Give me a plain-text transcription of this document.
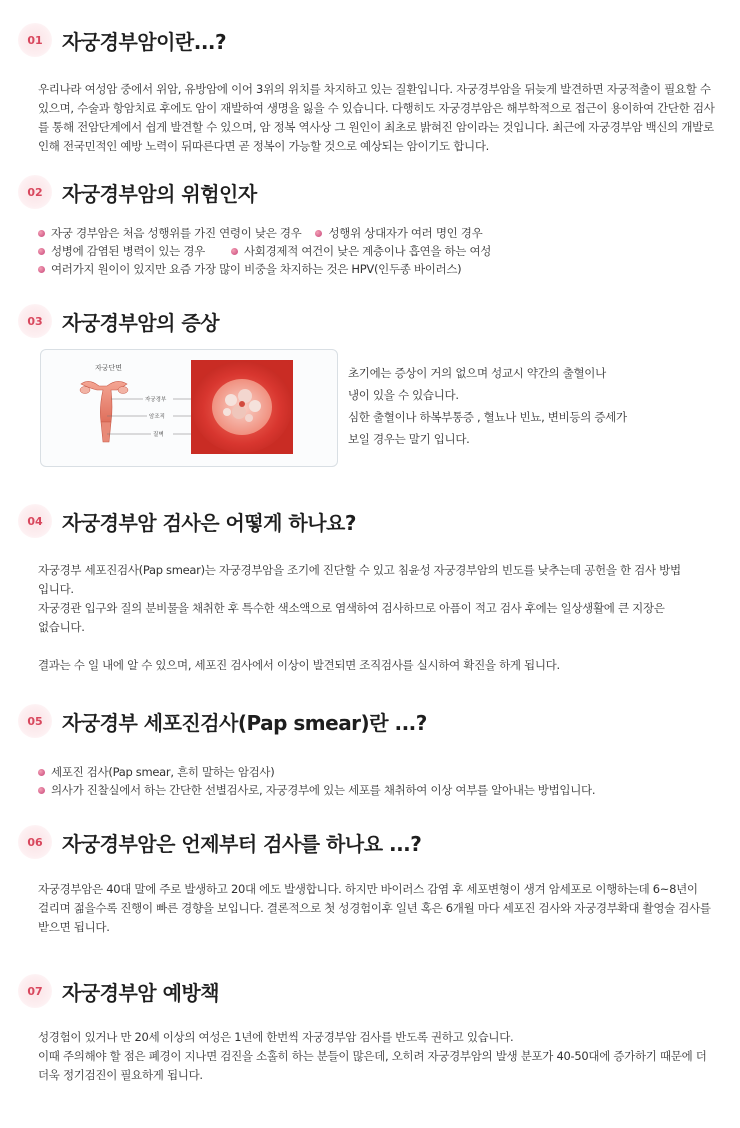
01 자궁경부암이란...?

우리나라 여성암 중에서 위암, 유방암에 이어 3위의 위치를 차지하고 있는 질환입니다. 자궁경부암을 뒤늦게 발견하면 자궁적출이 필요할 수

있으며, 수술과 항암치료 후에도 암이 재발하여 생명을 잃을 수 있습니다. 다행히도 자궁경부암은 해부학적으로 접근이 용이하여 간단한 검사

를 통해 전암단계에서 쉽게 발견할 수 있으며, 암 정복 역사상 그 원인이 최초로 밝혀진 암이라는 것입니다. 최근에 자궁경부암 백신의 개발로

인해 전국민적인 예방 노력이 뒤따른다면 곧 정복이 가능할 것으로 예상되는 암이기도 합니다.

02 자궁경부암의 위험인자
자궁 경부암은 처음 성행위를 가진 연령이 낮은 경우 성행위 상대자가 여러 명인 경우
성병에 감염된 병력이 있는 경우	사회경제적 여건이 낮은 계층이나 흡연을 하는 여성
여러가지 원이이 있지만 요즘 가장 많이 비중을 차지하는 것은 HPV(인두종 바이러스)
03 자궁경부암의 증상
자궁단면
자궁경부
암조직
질벽

초기에는 증상이 거의 없으며 성교시 약간의 출혈이나

냉이 있을 수 있습니다.

심한 출혈이나 하복부통증 , 혈뇨나 빈뇨, 변비등의 증세가

보일 경우는 말기 입니다.

04 자궁경부암 검사은 어떻게 하나요?

자궁경부 세포진검사(Pap smear)는 자궁경부암을 조기에 진단할 수 있고 침윤성 자궁경부암의 빈도를 낮추는데 공헌을 한 검사 방법

입니다.

자궁경관 입구와 질의 분비물을 채취한 후 특수한 색소액으로 염색하여 검사하므로 아픔이 적고 검사 후에는 일상생활에 큰 지장은

없습니다.

결과는 수 일 내에 알 수 있으며, 세포진 검사에서 이상이 발견되면 조직검사를 실시하여 확진을 하게 됩니다.

05 자궁경부 세포진검사(Pap smear)란 ...?
세포진 검사(Pap smear, 흔히 말하는 암검사)
의사가 진찰실에서 하는 간단한 선별검사로, 자궁경부에 있는 세포를 채취하여 이상 여부를 알아내는 방법입니다.
06 자궁경부암은 언제부터 검사를 하나요 ...?

자궁경부암은 40대 말에 주로 발생하고 20대 에도 발생합니다. 하지만 바이러스 감염 후 세포변형이 생겨 암세포로 이행하는데 6~8년이

걸리며 젊을수록 진행이 빠른 경향을 보입니다. 결론적으로 첫 성경험이후 일년 혹은 6개월 마다 세포진 검사와 자궁경부확대 촬영술 검사를

받으면 됩니다.

07 자궁경부암 예방책

성경험이 있거나 만 20세 이상의 여성은 1년에 한번씩 자궁경부암 검사를 반도록 권하고 있습니다.

이때 주의해야 할 점은 폐경이 지나면 검진을 소홀히 하는 분들이 많은데, 오히려 자궁경부암의 발생 분포가 40-50대에 증가하기 때문에 더

더욱 정기검진이 필요하게 됩니다.
